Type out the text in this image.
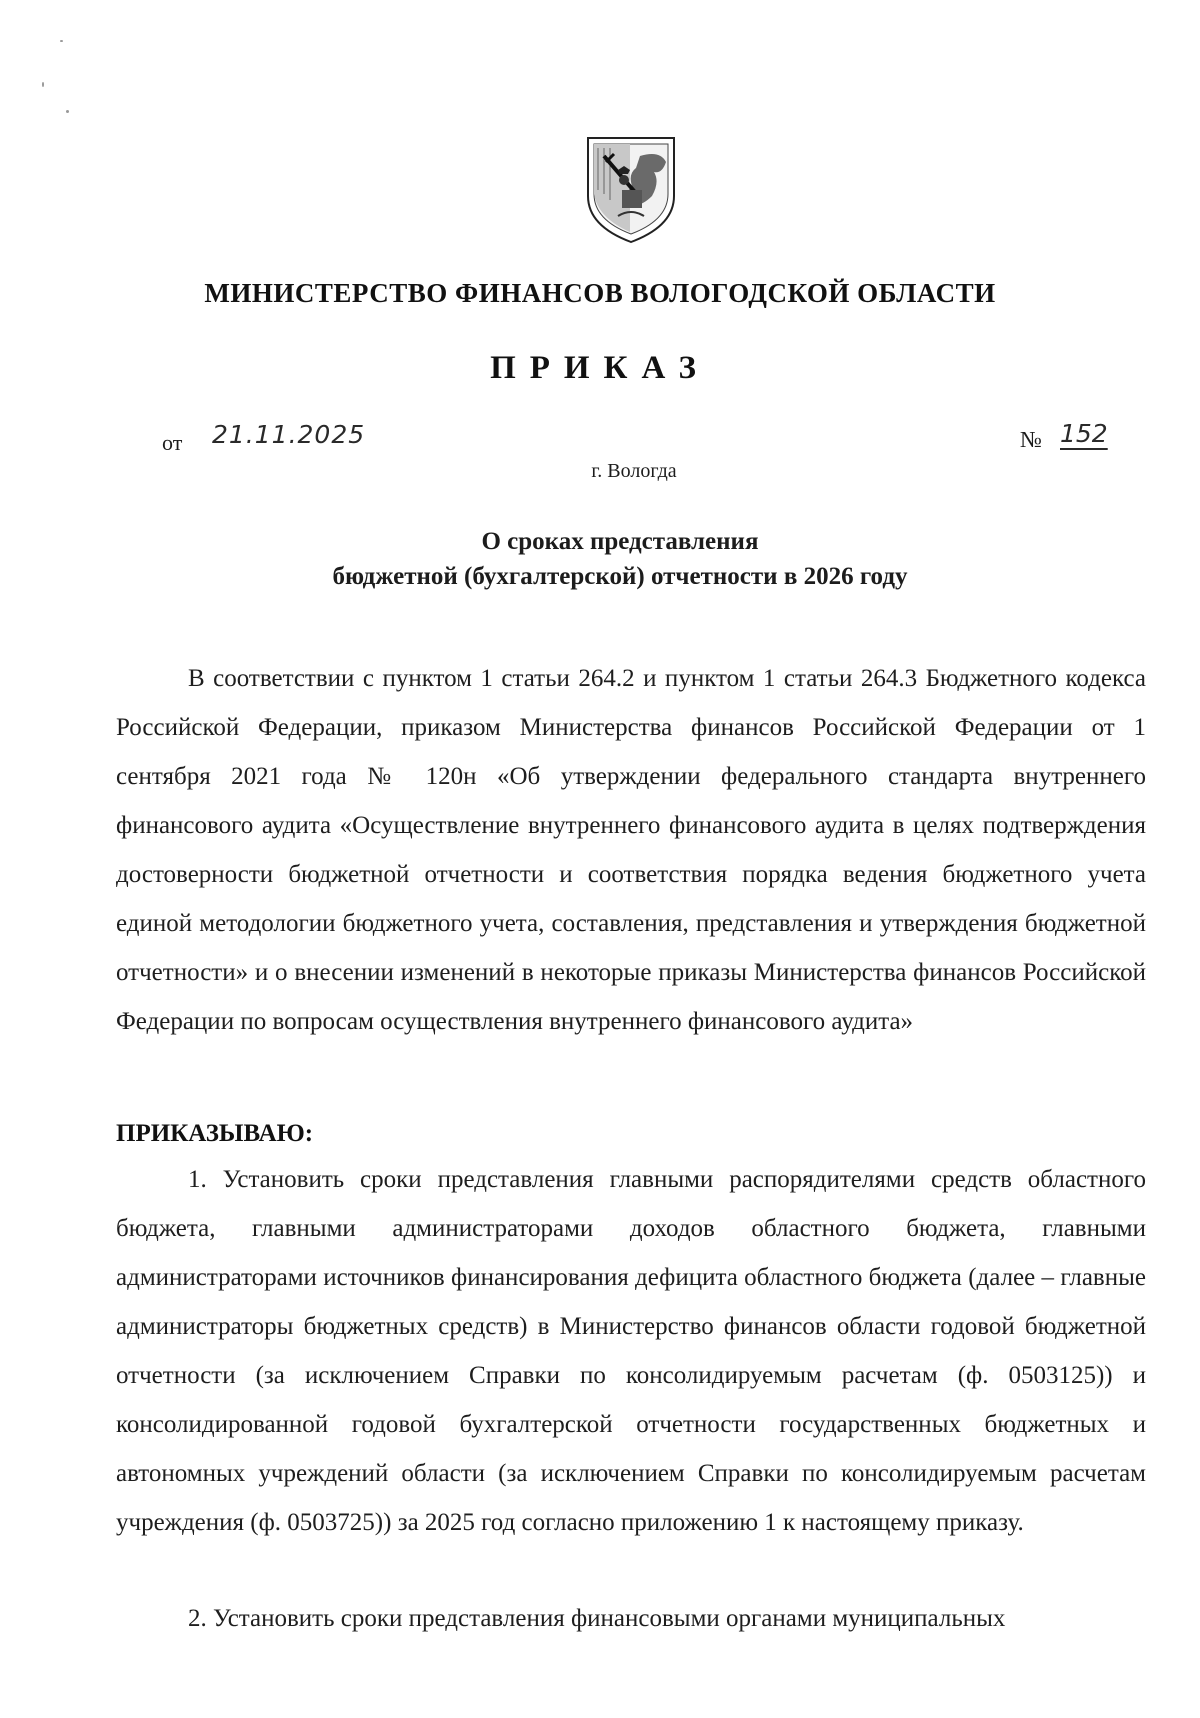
МИНИСТЕРСТВО ФИНАНСОВ ВОЛОГОДСКОЙ ОБЛАСТИ
ПРИКАЗ
от 21.11.2025	№ 152
г. Вологда
О сроках представления
бюджетной (бухгалтерской) отчетности в 2026 году
В соответствии с пунктом 1 статьи 264.2 и пунктом 1 статьи 264.3 Бюджетного кодекса Российской Федерации, приказом Министерства финансов Российской Федерации от 1 сентября 2021 года № 120н «Об утверждении федерального стандарта внутреннего финансового аудита «Осуществление внутреннего финансового аудита в целях подтверждения достоверности бюджетной отчетности и соответствия порядка ведения бюджетного учета единой методологии бюджетного учета, составления, представления и утверждения бюджетной отчетности» и о внесении изменений в некоторые приказы Министерства финансов Российской Федерации по вопросам осуществления внутреннего финансового аудита»
ПРИКАЗЫВАЮ:
1. Установить сроки представления главными распорядителями средств областного бюджета, главными администраторами доходов областного бюджета, главными администраторами источников финансирования дефицита областного бюджета (далее – главные администраторы бюджетных средств) в Министерство финансов области годовой бюджетной отчетности (за исключением Справки по консолидируемым расчетам (ф. 0503125)) и консолидированной годовой бухгалтерской отчетности государственных бюджетных и автономных учреждений области (за исключением Справки по консолидируемым расчетам учреждения (ф. 0503725)) за 2025 год согласно приложению 1 к настоящему приказу.
2. Установить сроки представления финансовыми органами муниципальных
